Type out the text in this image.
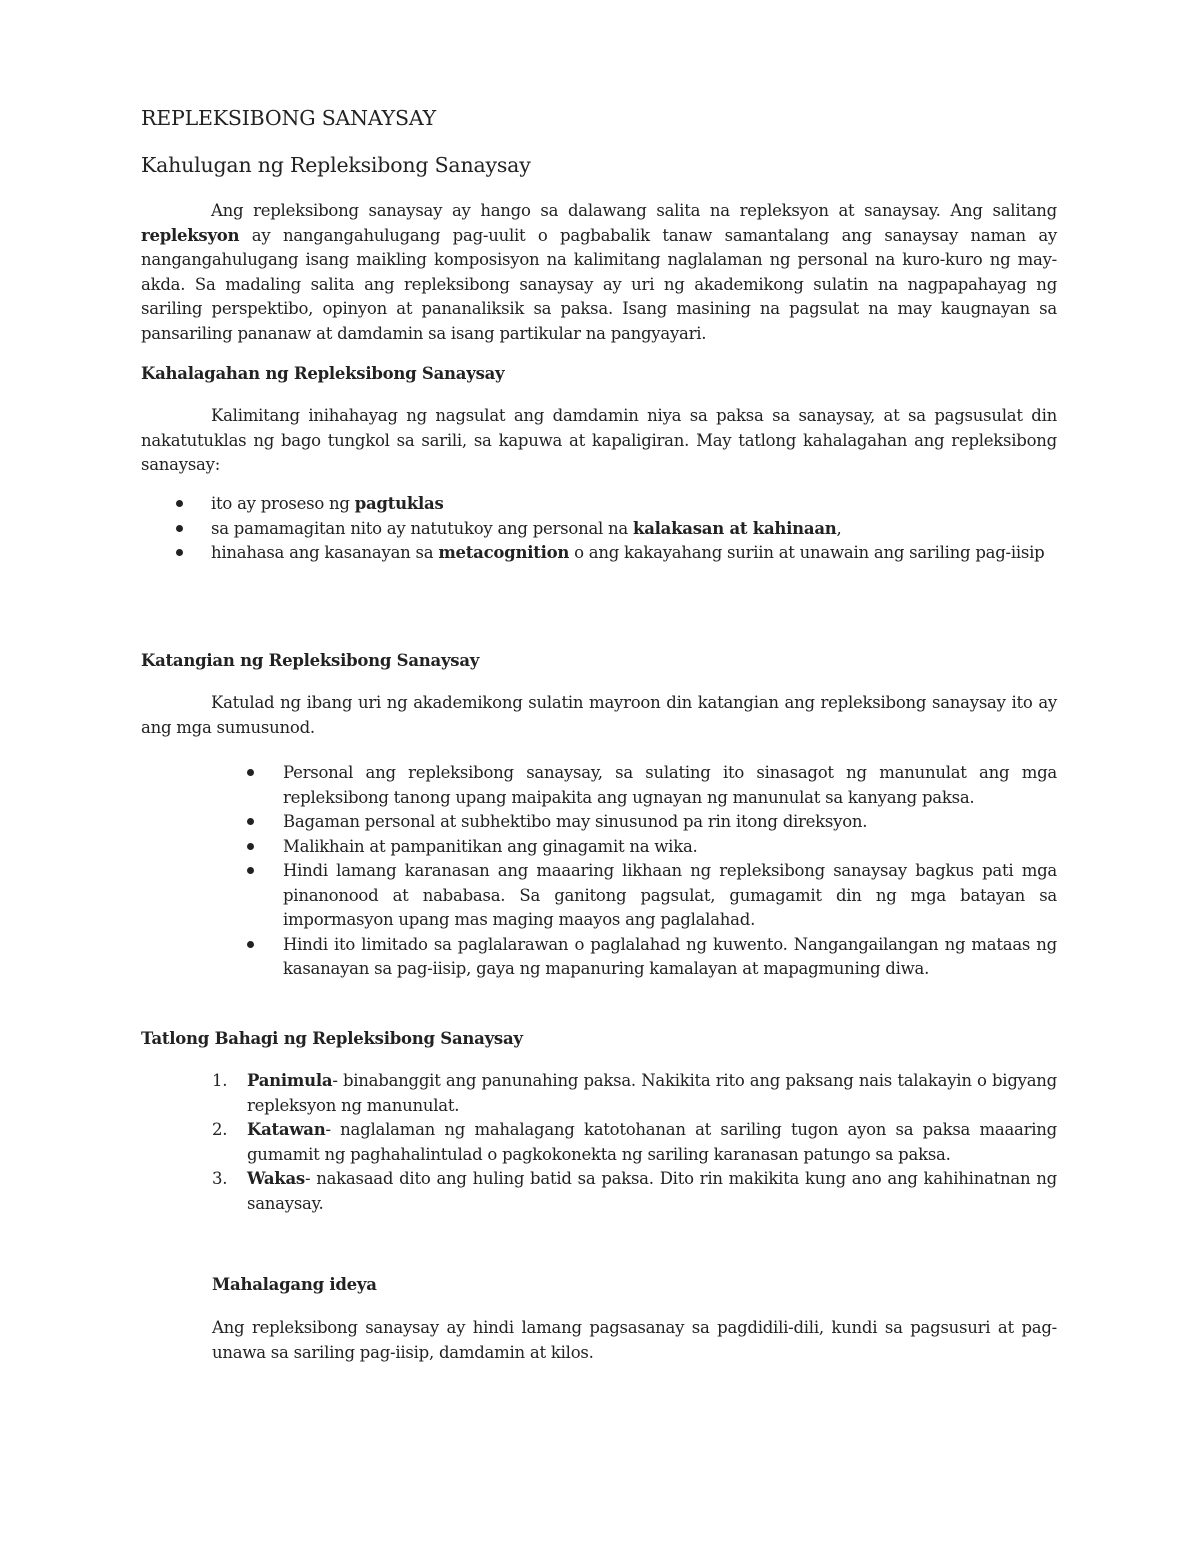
REPLEKSIBONG SANAYSAY
Kahulugan ng Repleksibong Sanaysay

Ang repleksibong sanaysay ay hango sa dalawang salita na repleksyon at sanaysay. Ang salitang repleksyon ay nangangahulugang pag-uulit o pagbabalik tanaw samantalang ang sanaysay naman ay nangangahulugang isang maikling komposisyon na kalimitang naglalaman ng personal na kuro-kuro ng may-akda. Sa madaling salita ang repleksibong sanaysay ay uri ng akademikong sulatin na nagpapahayag ng sariling perspektibo, opinyon at pananaliksik sa paksa. Isang masining na pagsulat na may kaugnayan sa pansariling pananaw at damdamin sa isang partikular na pangyayari.

Kahalagahan ng Repleksibong Sanaysay

Kalimitang inihahayag ng nagsulat ang damdamin niya sa paksa sa sanaysay, at sa pagsusulat din nakatutuklas ng bago tungkol sa sarili, sa kapuwa at kapaligiran. May tatlong kahalagahan ang repleksibong sanaysay:

ito ay proseso ng pagtuklas
sa pamamagitan nito ay natutukoy ang personal na kalakasan at kahinaan,
hinahasa ang kasanayan sa metacognition o ang kakayahang suriin at unawain ang sariling pag-iisip
Katangian ng Repleksibong Sanaysay

Katulad ng ibang uri ng akademikong sulatin mayroon din katangian ang repleksibong sanaysay ito ay ang mga sumusunod.

Personal ang repleksibong sanaysay, sa sulating ito sinasagot ng manunulat ang mga repleksibong tanong upang maipakita ang ugnayan ng manunulat sa kanyang paksa.
Bagaman personal at subhektibo may sinusunod pa rin itong direksyon.
Malikhain at pampanitikan ang ginagamit na wika.
Hindi lamang karanasan ang maaaring likhaan ng repleksibong sanaysay bagkus pati mga pinanonood at nababasa. Sa ganitong pagsulat, gumagamit din ng mga batayan sa impormasyon upang mas maging maayos ang paglalahad.
Hindi ito limitado sa paglalarawan o paglalahad ng kuwento. Nangangailangan ng mataas ng kasanayan sa pag-iisip, gaya ng mapanuring kamalayan at mapagmuning diwa.
Tatlong Bahagi ng Repleksibong Sanaysay
1. Panimula- binabanggit ang panunahing paksa. Nakikita rito ang paksang nais talakayin o bigyang repleksyon ng manunulat.
2. Katawan- naglalaman ng mahalagang katotohanan at sariling tugon ayon sa paksa maaaring gumamit ng paghahalintulad o pagkokonekta ng sariling karanasan patungo sa paksa.
3. Wakas- nakasaad dito ang huling batid sa paksa. Dito rin makikita kung ano ang kahihinatnan ng sanaysay.
Mahalagang ideya

Ang repleksibong sanaysay ay hindi lamang pagsasanay sa pagdidili-dili, kundi sa pagsusuri at pag-unawa sa sariling pag-iisip, damdamin at kilos.
